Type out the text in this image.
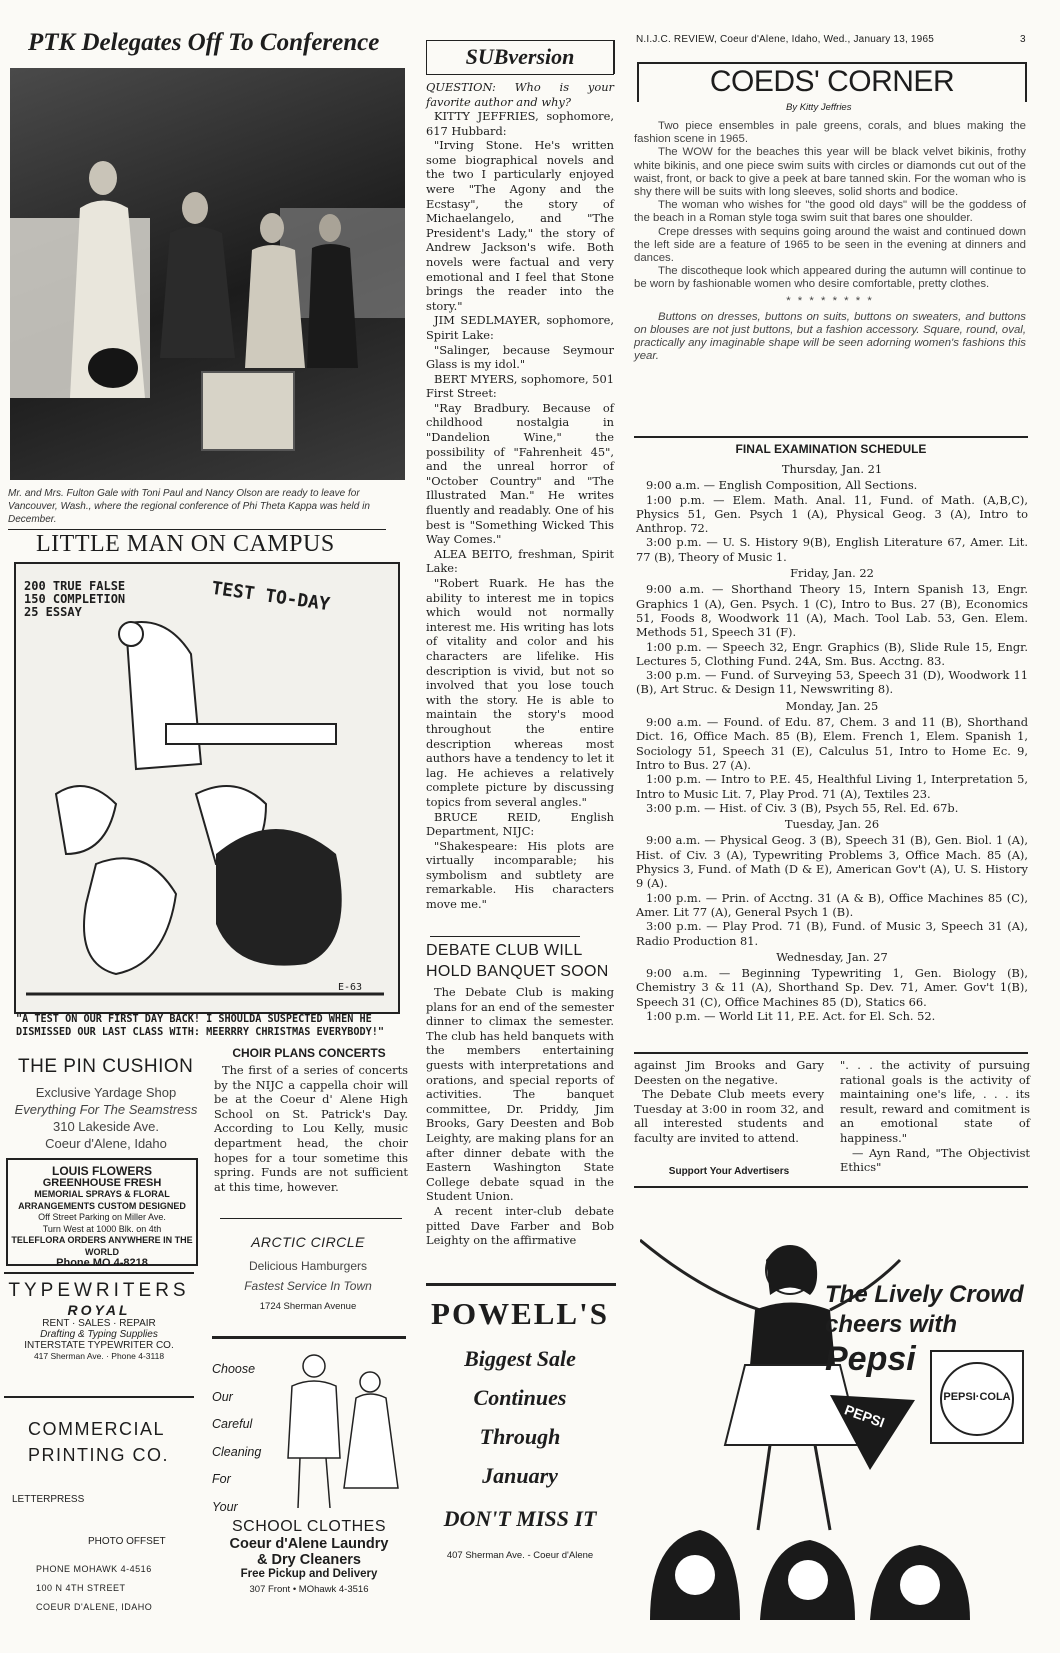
PTK Delegates Off To Conference

Mr. and Mrs. Fulton Gale with Toni Paul and Nancy Olson are ready to leave for Vancouver, Wash., where the regional conference of Phi Theta Kappa was held in December.

LITTLE MAN ON CAMPUS
200 TRUE FALSE
150 COMPLETION
25 ESSAY	TEST TO-DAY
E-63

"A TEST ON OUR FIRST DAY BACK! I SHOULDA SUSPECTED WHEN HE DISMISSED OUR LAST CLASS WITH: MEERRRY CHRISTMAS EVERYBODY!"

THE PIN CUSHION
Exclusive Yardage Shop
Everything For The Seamstress
310 Lakeside Ave.
Coeur d'Alene, Idaho
LOUIS FLOWERS
GREENHOUSE FRESH
MEMORIAL SPRAYS & FLORAL
ARRANGEMENTS CUSTOM DESIGNED
Off Street Parking on Miller Ave.
Turn West at 1000 Blk. on 4th
TELEFLORA ORDERS ANYWHERE IN THE WORLD
Phone MO 4-8218
TYPEWRITERS
ROYAL
RENT · SALES · REPAIR
Drafting & Typing Supplies
INTERSTATE TYPEWRITER CO.
417 Sherman Ave. · Phone 4-3118
COMMERCIAL
PRINTING CO.
LETTERPRESS
PHOTO OFFSET
PHONE MOHAWK 4-4516
100 N 4TH STREET
COEUR D'ALENE, IDAHO
CHOIR PLANS CONCERTS

The first of a series of concerts by the NIJC a cappella choir will be at the Coeur d' Alene High School on St. Patrick's Day. According to Lou Kelly, music department head, the choir hopes for a tour sometime this spring. Funds are not sufficient at this time, however.

ARCTIC CIRCLE
Delicious Hamburgers
Fastest Service In Town
1724 Sherman Avenue
Choose
Our
Careful
Cleaning
For
Your
SCHOOL CLOTHES
Coeur d'Alene Laundry
& Dry Cleaners
Free Pickup and Delivery
307 Front • MOhawk 4-3516
SUBversion

QUESTION: Who is your favorite author and why?

KITTY JEFFRIES, sophomore, 617 Hubbard:

"Irving Stone. He's written some biographical novels and the two I particularly enjoyed were "The Agony and the Ecstasy", the story of Michaelangelo, and "The President's Lady," the story of Andrew Jackson's wife. Both novels were factual and very emotional and I feel that Stone brings the reader into the story."

JIM SEDLMAYER, sophomore, Spirit Lake:

"Salinger, because Seymour Glass is my idol."

BERT MYERS, sophomore, 501 First Street:

"Ray Bradbury. Because of childhood nostalgia in "Dandelion Wine," the possibility of "Fahrenheit 45", and the unreal horror of "October Country" and "The Illustrated Man." He writes fluently and readably. One of his best is "Something Wicked This Way Comes."

ALEA BEITO, freshman, Spirit Lake:

"Robert Ruark. He has the ability to interest me in topics which would not normally interest me. His writing has lots of vitality and color and his characters are lifelike. His description is vivid, but not so involved that you lose touch with the story. He is able to maintain the story's mood throughout the entire description whereas most authors have a tendency to let it lag. He achieves a relatively complete picture by discussing topics from several angles."

BRUCE REID, English Department, NIJC:

"Shakespeare: His plots are virtually incomparable; his symbolism and subtlety are remarkable. His characters move me."

DEBATE CLUB WILL HOLD BANQUET SOON

The Debate Club is making plans for an end of the semester dinner to climax the semester. The club has held banquets with the members entertaining guests with interpretations and orations, and special reports of activities. The banquet committee, Dr. Priddy, Jim Brooks, Gary Deesten and Bob Leighty, are making plans for an after dinner debate with the Eastern Washington State College debate squad in the Student Union.

A recent inter-club debate pitted Dave Farber and Bob Leighty on the affirmative

POWELL'S
Biggest Sale
Continues
Through
January
DON'T MISS IT
407 Sherman Ave. - Coeur d'Alene
N.I.J.C. REVIEW, Coeur d'Alene, Idaho, Wed., January 13, 1965	3
COEDS' CORNER
By Kitty Jeffries

Two piece ensembles in pale greens, corals, and blues making the fashion scene in 1965.

The WOW for the beaches this year will be black velvet bikinis, frothy white bikinis, and one piece swim suits with circles or diamonds cut out of the waist, front, or back to give a peek at bare tanned skin. For the woman who is shy there will be suits with long sleeves, solid shorts and bodice.

The woman who wishes for "the good old days" will be the goddess of the beach in a Roman style toga swim suit that bares one shoulder.

Crepe dresses with sequins going around the waist and continued down the left side are a feature of 1965 to be seen in the evening at dinners and dances.

The discotheque look which appeared during the autumn will continue to be worn by fashionable women who desire comfortable, pretty clothes.

* * * * * * * *

Buttons on dresses, buttons on suits, buttons on sweaters, and buttons on blouses are not just buttons, but a fashion accessory. Square, round, oval, practically any imaginable shape will be seen adorning women's fashions this year.

FINAL EXAMINATION SCHEDULE

Thursday, Jan. 21

9:00 a.m. — English Composition, All Sections.

1:00 p.m. — Elem. Math. Anal. 11, Fund. of Math. (A,B,C), Physics 51, Gen. Psych 1 (A), Physical Geog. 3 (A), Intro to Anthrop. 72.

3:00 p.m. — U. S. History 9(B), English Literature 67, Amer. Lit. 77 (B), Theory of Music 1.

Friday, Jan. 22

9:00 a.m. — Shorthand Theory 15, Intern Spanish 13, Engr. Graphics 1 (A), Gen. Psych. 1 (C), Intro to Bus. 27 (B), Economics 51, Foods 8, Woodwork 11 (A), Mach. Tool Lab. 53, Gen. Elem. Methods 51, Speech 31 (F).

1:00 p.m. — Speech 32, Engr. Graphics (B), Slide Rule 15, Engr. Lectures 5, Clothing Fund. 24A, Sm. Bus. Acctng. 83.

3:00 p.m. — Fund. of Surveying 53, Speech 31 (D), Woodwork 11 (B), Art Struc. & Design 11, Newswriting 8).

Monday, Jan. 25

9:00 a.m. — Found. of Edu. 87, Chem. 3 and 11 (B), Shorthand Dict. 16, Office Mach. 85 (B), Elem. French 1, Elem. Spanish 1, Sociology 51, Speech 31 (E), Calculus 51, Intro to Home Ec. 9, Intro to Bus. 27 (A).

1:00 p.m. — Intro to P.E. 45, Healthful Living 1, Interpretation 5, Intro to Music Lit. 7, Play Prod. 71 (A), Textiles 23.

3:00 p.m. — Hist. of Civ. 3 (B), Psych 55, Rel. Ed. 67b.

Tuesday, Jan. 26

9:00 a.m. — Physical Geog. 3 (B), Speech 31 (B), Gen. Biol. 1 (A), Hist. of Civ. 3 (A), Typewriting Problems 3, Office Mach. 85 (A), Physics 3, Fund. of Math (D & E), American Gov't (A), U. S. History 9 (A).

1:00 p.m. — Prin. of Acctng. 31 (A & B), Office Machines 85 (C), Amer. Lit 77 (A), General Psych 1 (B).

3:00 p.m. — Play Prod. 71 (B), Fund. of Music 3, Speech 31 (A), Radio Production 81.

Wednesday, Jan. 27

9:00 a.m. — Beginning Typewriting 1, Gen. Biology (B), Chemistry 3 & 11 (A), Shorthand Sp. Dev. 71, Amer. Gov't 1(B), Speech 31 (C), Office Machines 85 (D), Statics 66.

1:00 p.m. — World Lit 11, P.E. Act. for El. Sch. 52.

against Jim Brooks and Gary Deesten on the negative.

The Debate Club meets every Tuesday at 3:00 in room 32, and all interested students and faculty are invited to attend.

Support Your Advertisers

". . . the activity of pursuing rational goals is the activity of maintaining one's life, . . . its result, reward and comitment is an emotional state of happiness."

— Ayn Rand, "The Objectivist Ethics"

The Lively Crowd
cheers with
Pepsi
PEPSI·COLA
PEPSI
